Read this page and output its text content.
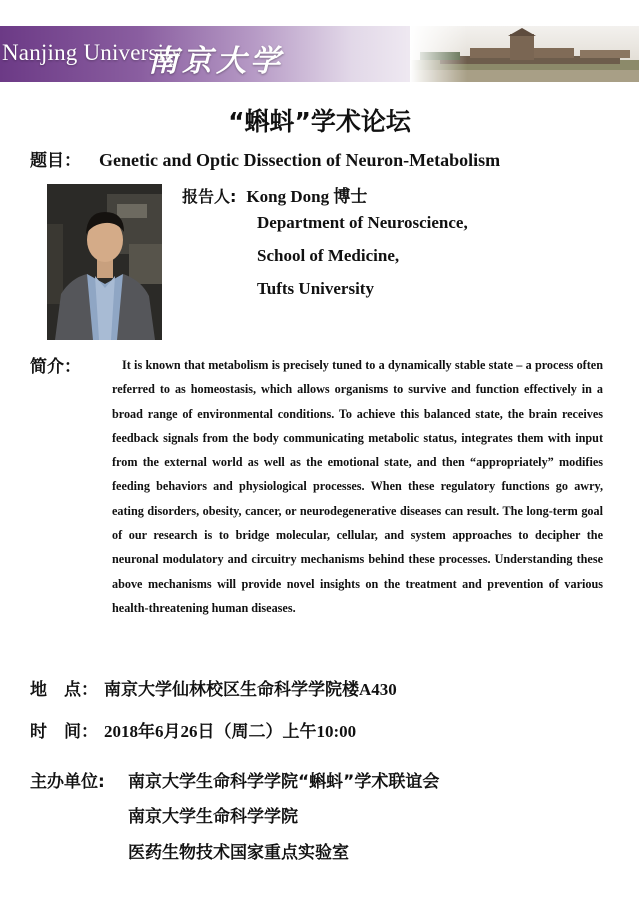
Nanjing University
南京大学
“蝌蚪”学术论坛
题目： Genetic and Optic Dissection of Neuron-Metabolism
报告人: Kong Dong 博士
Department of Neuroscience,
School of Medicine,
Tufts University
简介：	It is known that metabolism is precisely tuned to a dynamically stable state – a process often referred to as homeostasis, which allows organisms to survive and function effectively in a broad range of environmental conditions. To achieve this balanced state, the brain receives feedback signals from the body communicating metabolic status, integrates them with input from the external world as well as the emotional state, and then “appropriately” modifies feeding behaviors and physiological processes. When these regulatory functions go awry, eating disorders, obesity, cancer, or neurodegenerative diseases can result. The long-term goal of our research is to bridge molecular, cellular, and system approaches to decipher the neuronal modulatory and circuitry mechanisms behind these processes. Understanding these above mechanisms will provide novel insights on the treatment and prevention of various health-threatening human diseases.
地　点： 南京大学仙林校区生命科学学院楼A430
时　间： 2018年6月26日（周二）上午10:00
主办单位: 南京大学生命科学学院“蝌蚪”学术联谊会
南京大学生命科学学院
医药生物技术国家重点实验室
